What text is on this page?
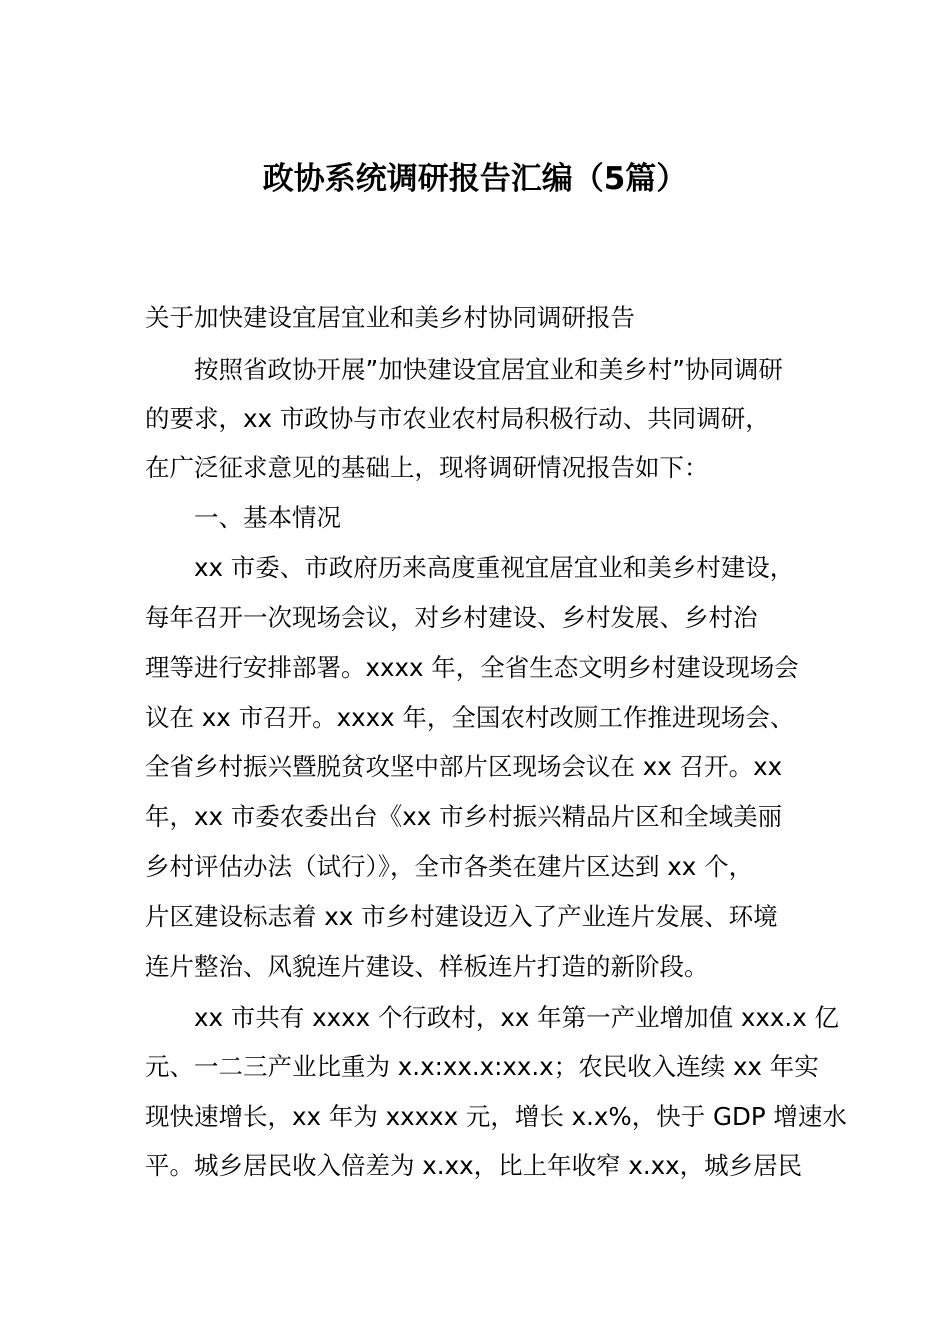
政协系统调研报告汇编（5篇）
关于加快建设宜居宜业和美乡村协同调研报告
按照省政协开展”加快建设宜居宜业和美乡村”协同调研
的要求，xx 市政协与市农业农村局积极行动、共同调研，
在广泛征求意见的基础上，现将调研情况报告如下：
一、基本情况
xx 市委、市政府历来高度重视宜居宜业和美乡村建设，
每年召开一次现场会议，对乡村建设、乡村发展、乡村治
理等进行安排部署。xxxx 年，全省生态文明乡村建设现场会
议在 xx 市召开。xxxx 年，全国农村改厕工作推进现场会、
全省乡村振兴暨脱贫攻坚中部片区现场会议在 xx 召开。xx
年，xx 市委农委出台《xx 市乡村振兴精品片区和全域美丽
乡村评估办法（试行）》，全市各类在建片区达到 xx 个，
片区建设标志着 xx 市乡村建设迈入了产业连片发展、环境
连片整治、风貌连片建设、样板连片打造的新阶段。
xx 市共有 xxxx 个行政村，xx 年第一产业增加值 xxx.x 亿
元、一二三产业比重为 x.x:xx.x:xx.x；农民收入连续 xx 年实
现快速增长，xx 年为 xxxxx 元，增长 x.x%，快于 GDP 增速水
平。城乡居民收入倍差为 x.xx，比上年收窄 x.xx，城乡居民
